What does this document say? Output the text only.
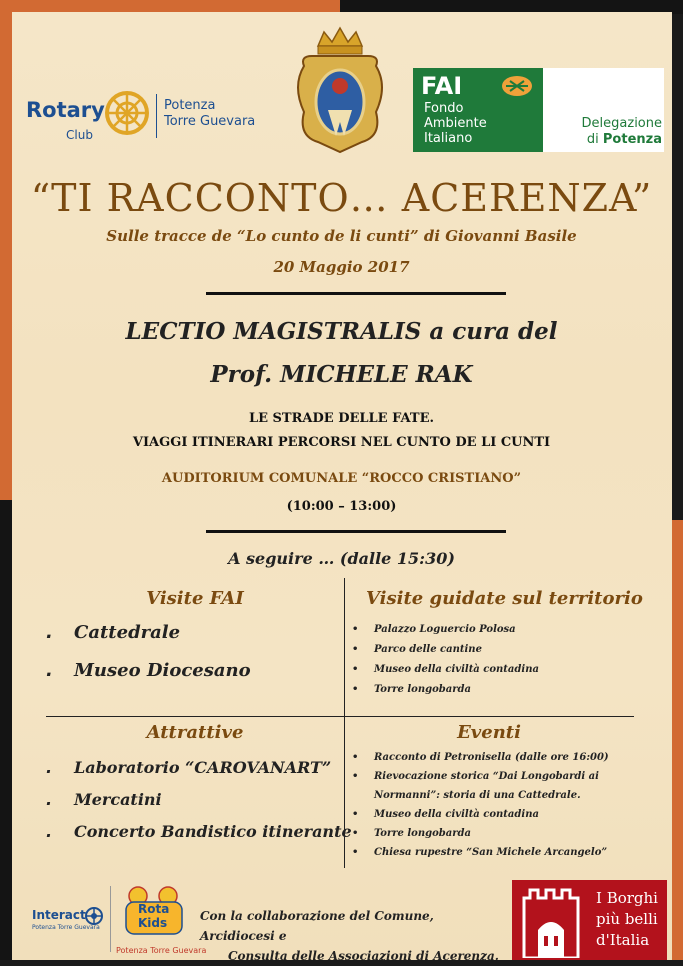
Rotary
Club
Potenza
Torre Guevara
FAI
Fondo
Ambiente
Italiano
Delegazione
di Potenza
“TI RACCONTO… ACERENZA”
Sulle tracce de “Lo cunto de li cunti” di Giovanni Basile
20 Maggio 2017
LECTIO MAGISTRALIS a cura del
Prof. MICHELE RAK
LE STRADE DELLE FATE.
VIAGGI ITINERARI PERCORSI NEL CUNTO DE LI CUNTI
AUDITORIUM COMUNALE “ROCCO CRISTIANO”
(10:00 – 13:00)
A seguire … (dalle 15:30)
Visite FAI
. Cattedrale
. Museo Diocesano
Visite guidate sul territorio
• Palazzo Loguercio Polosa
• Parco delle cantine
• Museo della civiltà contadina
• Torre longobarda
Attrattive
. Laboratorio “CAROVANART”
. Mercatini
. Concerto Bandistico itinerante
Eventi
• Racconto di Petronisella (dalle ore 16:00)
• Rievocazione storica “Dai Longobardi ai
Normanni”: storia di una Cattedrale.
• Museo della civiltà contadina
• Torre longobarda
• Chiesa rupestre “San Michele Arcangelo”
Interact
Potenza Torre Guevara
Rota
Kids
Potenza Torre Guevara
Con la collaborazione del Comune, Arcidiocesi e
Consulta delle Associazioni di Acerenza.
I Borghi
più belli
d'Italia
